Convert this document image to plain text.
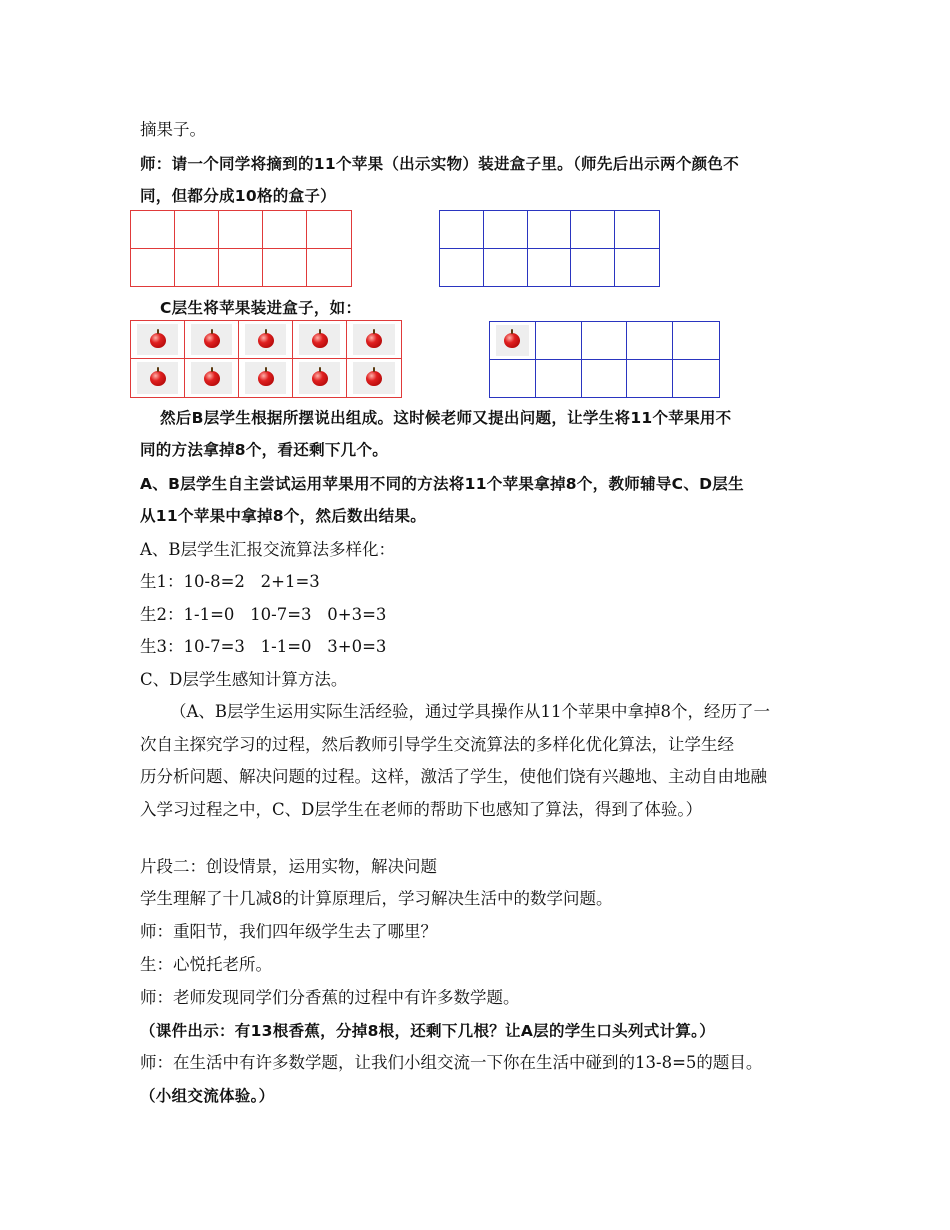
摘果子。
师：请一个同学将摘到的11个苹果（出示实物）装进盒子里。（师先后出示两个颜色不
同，但都分成10格的盒子）
C层生将苹果装进盒子，如：
然后B层学生根据所摆说出组成。这时候老师又提出问题，让学生将11个苹果用不
同的方法拿掉8个，看还剩下几个。
A、B层学生自主尝试运用苹果用不同的方法将11个苹果拿掉8个，教师辅导C、D层生
从11个苹果中拿掉8个，然后数出结果。
A、B层学生汇报交流算法多样化：
生1：10-8=2   2+1=3
生2：1-1=0   10-7=3   0+3=3
生3：10-7=3   1-1=0   3+0=3
C、D层学生感知计算方法。
（A、B层学生运用实际生活经验，通过学具操作从11个苹果中拿掉8个，经历了一
次自主探究学习的过程，然后教师引导学生交流算法的多样化优化算法，让学生经
历分析问题、解决问题的过程。这样，激活了学生，使他们饶有兴趣地、主动自由地融
入学习过程之中，C、D层学生在老师的帮助下也感知了算法，得到了体验。）
片段二：创设情景，运用实物，解决问题
学生理解了十几减8的计算原理后，学习解决生活中的数学问题。
师：重阳节，我们四年级学生去了哪里？
生：心悦托老所。
师：老师发现同学们分香蕉的过程中有许多数学题。
（课件出示：有13根香蕉，分掉8根，还剩下几根？让A层的学生口头列式计算。）
师：在生活中有许多数学题，让我们小组交流一下你在生活中碰到的13-8=5的题目。
（小组交流体验。）
